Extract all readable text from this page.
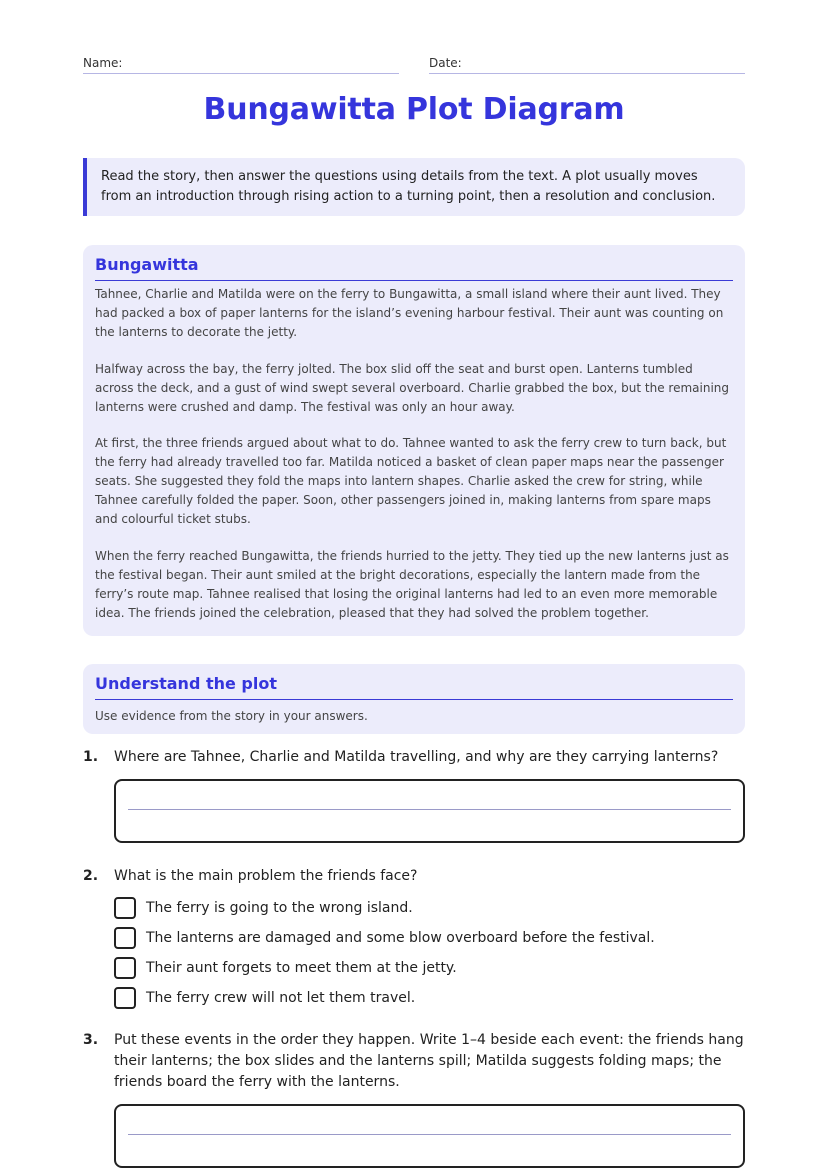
Name:	Date:
Bungawitta Plot Diagram
Read the story, then answer the questions using details from the text. A plot usually moves from an introduction through rising action to a turning point, then a resolution and conclusion.
Bungawitta

Tahnee, Charlie and Matilda were on the ferry to Bungawitta, a small island where their aunt lived. They had packed a box of paper lanterns for the island’s evening harbour festival. Their aunt was counting on the lanterns to decorate the jetty.

Halfway across the bay, the ferry jolted. The box slid off the seat and burst open. Lanterns tumbled across the deck, and a gust of wind swept several overboard. Charlie grabbed the box, but the remaining lanterns were crushed and damp. The festival was only an hour away.

At first, the three friends argued about what to do. Tahnee wanted to ask the ferry crew to turn back, but the ferry had already travelled too far. Matilda noticed a basket of clean paper maps near the passenger seats. She suggested they fold the maps into lantern shapes. Charlie asked the crew for string, while Tahnee carefully folded the paper. Soon, other passengers joined in, making lanterns from spare maps and colourful ticket stubs.

When the ferry reached Bungawitta, the friends hurried to the jetty. They tied up the new lanterns just as the festival began. Their aunt smiled at the bright decorations, especially the lantern made from the ferry’s route map. Tahnee realised that losing the original lanterns had led to an even more memorable idea. The friends joined the celebration, pleased that they had solved the problem together.

Understand the plot
Use evidence from the story in your answers.
1. Where are Tahnee, Charlie and Matilda travelling, and why are they carrying lanterns?
2. What is the main problem the friends face?
The ferry is going to the wrong island.
The lanterns are damaged and some blow overboard before the festival.
Their aunt forgets to meet them at the jetty.
The ferry crew will not let them travel.
3. Put these events in the order they happen. Write 1–4 beside each event: the friends hang their lanterns; the box slides and the lanterns spill; Matilda suggests folding maps; the friends board the ferry with the lanterns.
